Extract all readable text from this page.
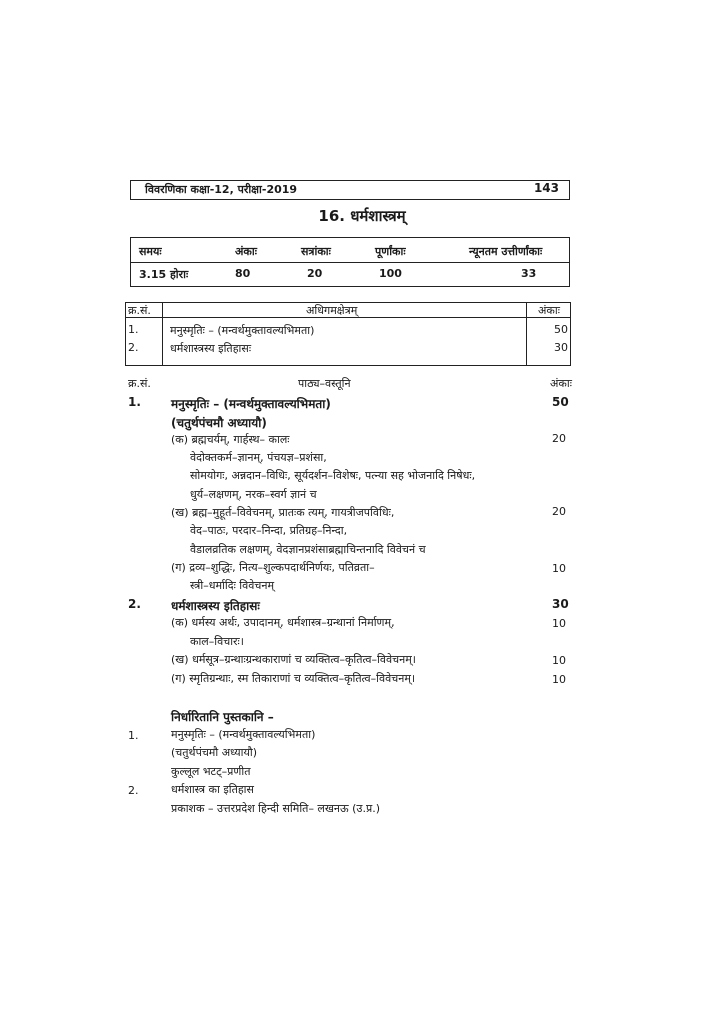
विवरणिका कक्षा-12, परीक्षा-2019	143
16. धर्मशास्त्रम्
समयः	अंकाः	सत्रांकाः	पूर्णांकाः	न्यूनतम उत्तीर्णांकाः
3.15 होराः	80	20	100	33
क्र.सं.	अधिगमक्षेत्रम्	अंकाः
1.	मनुस्मृतिः – (मन्वर्थमुक्तावल्यभिमता)	50
2.	धर्मशास्त्रस्य इतिहासः	30
क्र.सं.	पाठ्य–वस्तूनि	अंकाः
1.	मनुस्मृतिः – (मन्वर्थमुक्तावल्यभिमता)	50
(चतुर्थपंचमौ अध्यायौ)
(क) ब्रह्मचर्यम्, गार्हस्थ– कालः	20
वेदोक्तकर्म–ज्ञानम्, पंचयज्ञ–प्रशंसा,
सोमयोगः, अन्नदान–विधिः, सूर्यदर्शन–विशेषः, पत्न्या सह भोजनादि निषेधः,
धुर्य–लक्षणम्, नरक–स्वर्ग ज्ञानं च
(ख) ब्रह्म–मुहूर्त–विवेचनम्, प्रातःक त्यम्, गायत्रीजपविधिः,	20
वेद–पाठः, परदार–निन्दा, प्रतिग्रह–निन्दा,
वैडालव्रतिक लक्षणम्, वेदज्ञानप्रशंसाब्रह्माचिन्तनादि विवेचनं च
(ग) द्रव्य–शुद्धिः, नित्य–शुल्कपदार्थनिर्णयः, पतिव्रता–	10
स्त्री–धर्मादिः विवेचनम्
2.	धर्मशास्त्रस्य इतिहासः	30
(क) धर्मस्य अर्थः, उपादानम्, धर्मशास्त्र–ग्रन्थानां निर्माणम्,	10
काल–विचारः।
(ख) धर्मसूत्र–ग्रन्थाःग्रन्थकाराणां च व्यक्तित्व–कृतित्व–विवेचनम्।	10
(ग) स्मृतिग्रन्थाः, स्म तिकाराणां च व्यक्तित्व–कृतित्व–विवेचनम्।	10
निर्धारितानि पुस्तकानि –
1.	मनुस्मृतिः – (मन्वर्थमुक्तावल्यभिमता)
(चतुर्थपंचमौ अध्यायौ)
कुल्लूल भटट्–प्रणीत
2.	धर्मशास्त्र का इतिहास
प्रकाशक – उत्तरप्रदेश हिन्दी समिति– लखनऊ (उ.प्र.)
